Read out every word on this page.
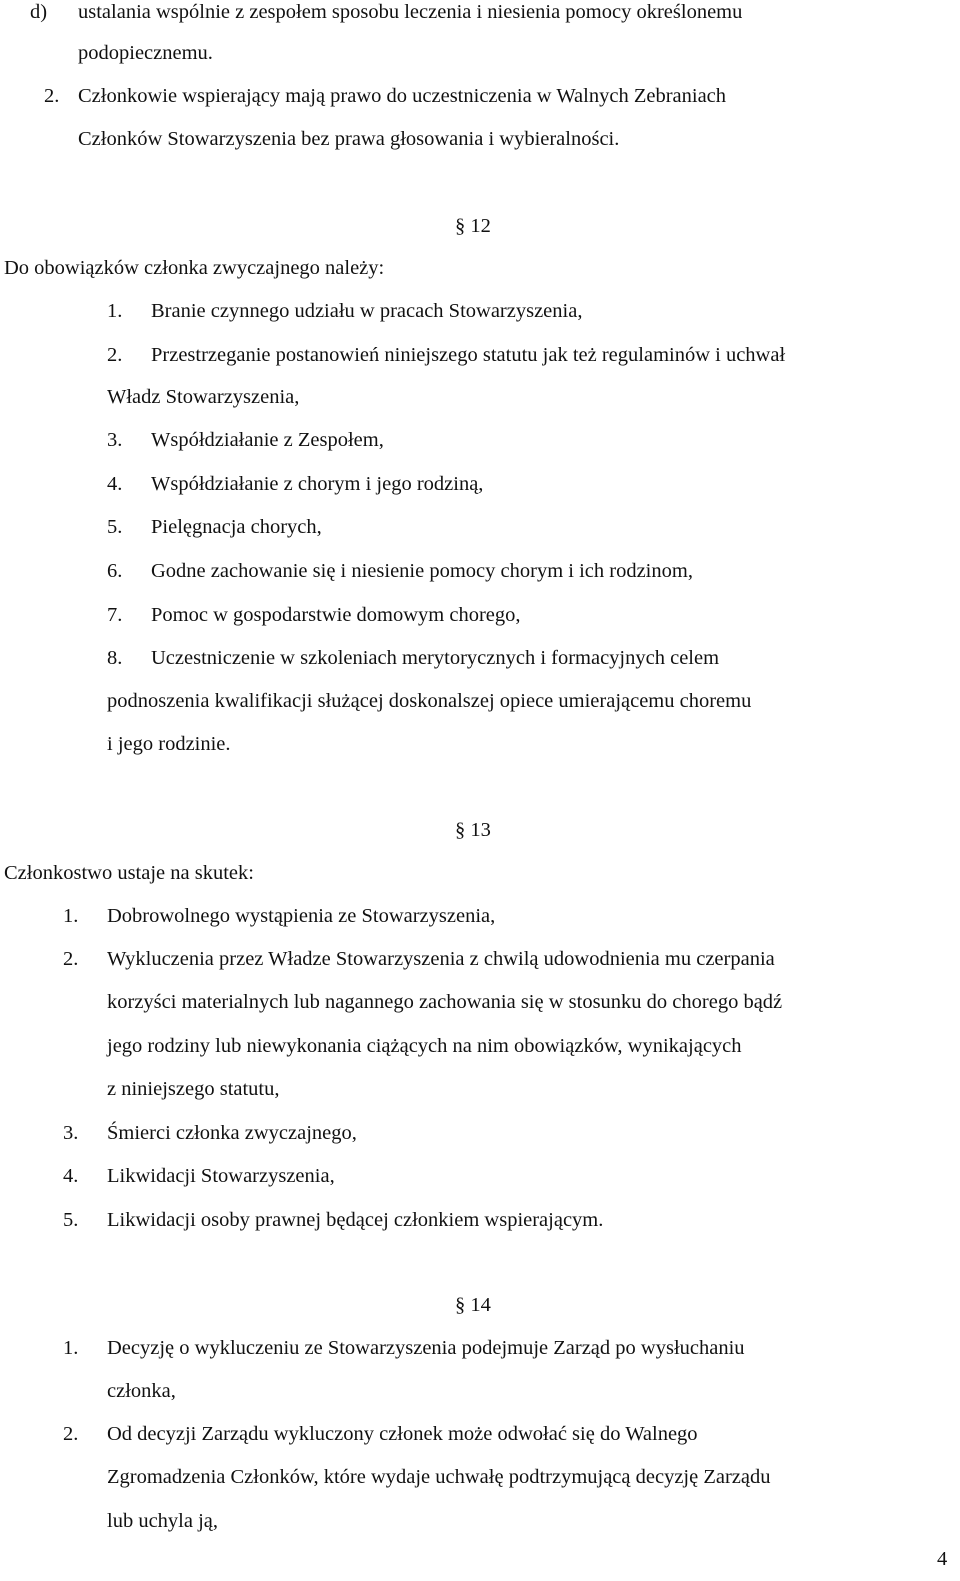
d) ustalania wspólnie z zespołem sposobu leczenia i niesienia pomocy określonemu
podopiecznemu.
2. Członkowie wspierający mają prawo do uczestniczenia w Walnych Zebraniach
Członków Stowarzyszenia bez prawa głosowania i wybieralności.
§ 12
Do obowiązków członka zwyczajnego należy:
1. Branie czynnego udziału w pracach Stowarzyszenia,
2. Przestrzeganie postanowień niniejszego statutu jak też regulaminów i uchwał
Władz Stowarzyszenia,
3. Współdziałanie z Zespołem,
4. Współdziałanie z chorym i jego rodziną,
5. Pielęgnacja chorych,
6. Godne zachowanie się i niesienie pomocy chorym i ich rodzinom,
7. Pomoc w gospodarstwie domowym chorego,
8. Uczestniczenie w szkoleniach merytorycznych i formacyjnych celem
podnoszenia kwalifikacji służącej doskonalszej opiece umierającemu choremu
i jego rodzinie.
§ 13
Członkostwo ustaje na skutek:
1. Dobrowolnego wystąpienia ze Stowarzyszenia,
2. Wykluczenia przez Władze Stowarzyszenia z chwilą udowodnienia mu czerpania
korzyści materialnych lub nagannego zachowania się w stosunku do chorego bądź
jego rodziny lub niewykonania ciążących na nim obowiązków, wynikających
z niniejszego statutu,
3. Śmierci członka zwyczajnego,
4. Likwidacji Stowarzyszenia,
5. Likwidacji osoby prawnej będącej członkiem wspierającym.
§ 14
1. Decyzję o wykluczeniu ze Stowarzyszenia podejmuje Zarząd po wysłuchaniu
członka,
2. Od decyzji Zarządu wykluczony członek może odwołać się do Walnego
Zgromadzenia Członków, które wydaje uchwałę podtrzymującą decyzję Zarządu
lub uchyla ją,
4
